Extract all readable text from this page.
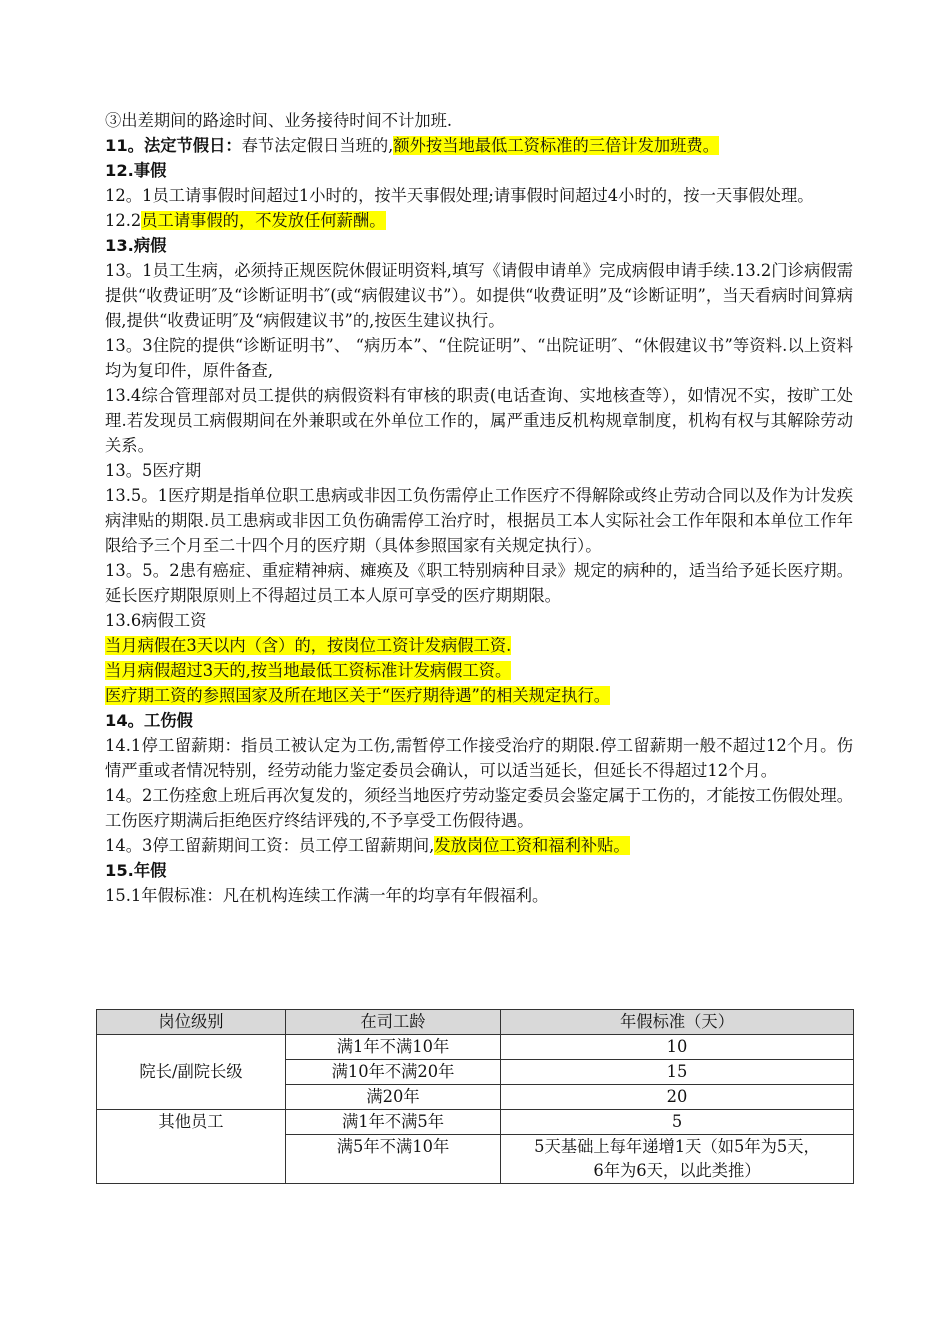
③出差期间的路途时间、业务接待时间不计加班.

11。法定节假日：春节法定假日当班的,额外按当地最低工资标准的三倍计发加班费。

12.事假

12。1员工请事假时间超过1小时的，按半天事假处理;请事假时间超过4小时的，按一天事假处理。

12.2员工请事假的，不发放任何薪酬。

13.病假

13。1员工生病，必须持正规医院休假证明资料,填写《请假申请单》完成病假申请手续.13.2门诊病假需提供“收费证明″及“诊断证明书″(或“病假建议书”）。如提供“收费证明”及“诊断证明”，当天看病时间算病假,提供“收费证明″及“病假建议书”的,按医生建议执行。

13。3住院的提供“诊断证明书”、 “病历本”、“住院证明”、“出院证明″、“休假建议书”等资料.以上资料均为复印件，原件备查,

13.4综合管理部对员工提供的病假资料有审核的职责(电话查询、实地核查等），如情况不实，按旷工处理.若发现员工病假期间在外兼职或在外单位工作的，属严重违反机构规章制度，机构有权与其解除劳动关系。

13。5医疗期

13.5。1医疗期是指单位职工患病或非因工负伤需停止工作医疗不得解除或终止劳动合同以及作为计发疾病津贴的期限.员工患病或非因工负伤确需停工治疗时，根据员工本人实际社会工作年限和本单位工作年限给予三个月至二十四个月的医疗期（具体参照国家有关规定执行）。

13。5。2患有癌症、重症精神病、瘫痪及《职工特别病种目录》规定的病种的，适当给予延长医疗期。延长医疗期限原则上不得超过员工本人原可享受的医疗期期限。

13.6病假工资

当月病假在3天以内（含）的，按岗位工资计发病假工资.

当月病假超过3天的,按当地最低工资标准计发病假工资。

医疗期工资的参照国家及所在地区关于“医疗期待遇”的相关规定执行。

14。工伤假

14.1停工留薪期：指员工被认定为工伤,需暂停工作接受治疗的期限.停工留薪期一般不超过12个月。伤情严重或者情况特别，经劳动能力鉴定委员会确认，可以适当延长，但延长不得超过12个月。

14。2工伤痊愈上班后再次复发的，须经当地医疗劳动鉴定委员会鉴定属于工伤的，才能按工伤假处理。工伤医疗期满后拒绝医疗终结评残的,不予享受工伤假待遇。

14。3停工留薪期间工资：员工停工留薪期间,发放岗位工资和福利补贴。

15.年假

15.1年假标准：凡在机构连续工作满一年的均享有年假福利。

岗位级别	在司工龄	年假标准（天）
院长/副院长级	满1年不满10年	10
	满10年不满20年	15
	满20年	20
其他员工	满1年不满5年	5
	满5年不满10年	5天基础上每年递增1天（如5年为5天，6年为6天，以此类推）
